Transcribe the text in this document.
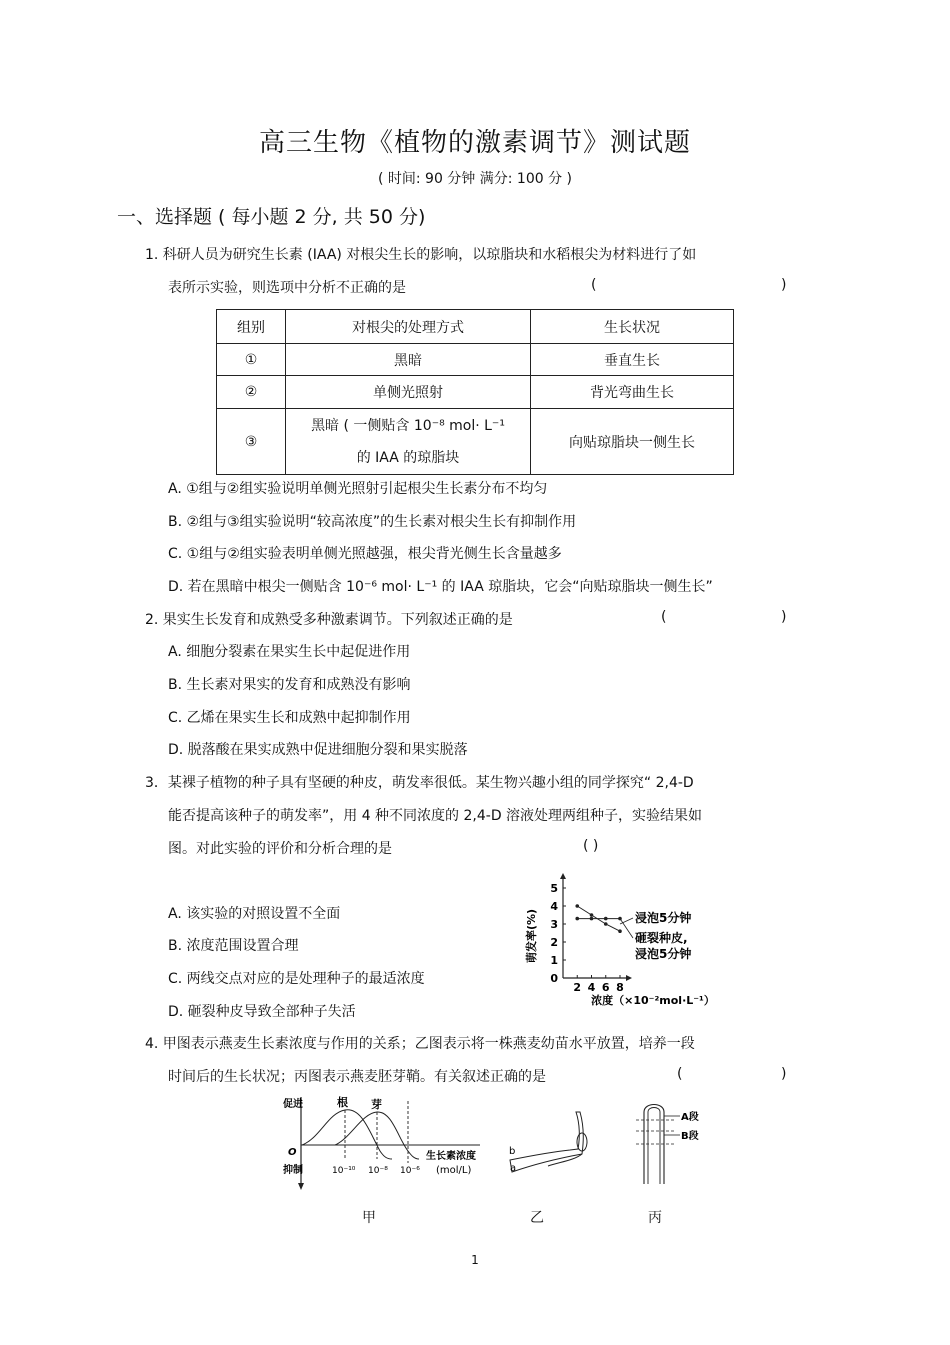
高三生物《植物的激素调节》测试题
( 时间: 90 分钟 满分: 100 分 )
一、选择题 ( 每小题 2 分, 共 50 分)
1. 科研人员为研究生长素 (IAA) 对根尖生长的影响，以琼脂块和水稻根尖为材料进行了如
表所示实验，则选项中分析不正确的是	(	)
组别	对根尖的处理方式	生长状况
①	黑暗	垂直生长
②	单侧光照射	背光弯曲生长
③	黑暗 ( 一侧贴含 10⁻⁸ mol· L⁻¹
的 IAA 的琼脂块	向贴琼脂块一侧生长
A. ①组与②组实验说明单侧光照射引起根尖生长素分布不均匀
B. ②组与③组实验说明“较高浓度”的生长素对根尖生长有抑制作用
C. ①组与②组实验表明单侧光照越强，根尖背光侧生长含量越多
D. 若在黑暗中根尖一侧贴含 10⁻⁶ mol· L⁻¹ 的 IAA 琼脂块，它会“向贴琼脂块一侧生长”
2. 果实生长发育和成熟受多种激素调节。下列叙述正确的是	(	)
A. 细胞分裂素在果实生长中起促进作用
B. 生长素对果实的发育和成熟没有影响
C. 乙烯在果实生长和成熟中起抑制作用
D. 脱落酸在果实成熟中促进细胞分裂和果实脱落
3．某裸子植物的种子具有坚硬的种皮，萌发率很低。某生物兴趣小组的同学探究“ 2,4-D
能否提高该种子的萌发率”，用 4 种不同浓度的 2,4-D 溶液处理两组种子，实验结果如
图。对此实验的评价和分析合理的是	( )
A. 该实验的对照设置不全面
B. 浓度范围设置合理
C. 两线交点对应的是处理种子的最适浓度
D. 砸裂种皮导致全部种子失活
0
1
2
3
4
5
2 4 6 8
萌发率(%)
浓度（×10⁻²mol·L⁻¹）
浸泡5分钟
砸裂种皮,
浸泡5分钟
4. 甲图表示燕麦生长素浓度与作用的关系；乙图表示将一株燕麦幼苗水平放置，培养一段
时间后的生长状况；丙图表示燕麦胚芽鞘。有关叙述正确的是	(	)
促进
抑制
O
根 芽
10⁻¹⁰ 10⁻⁸ 10⁻⁶
生长素浓度
(mol/L)
b
a
A段
B段
甲	乙	丙
1
